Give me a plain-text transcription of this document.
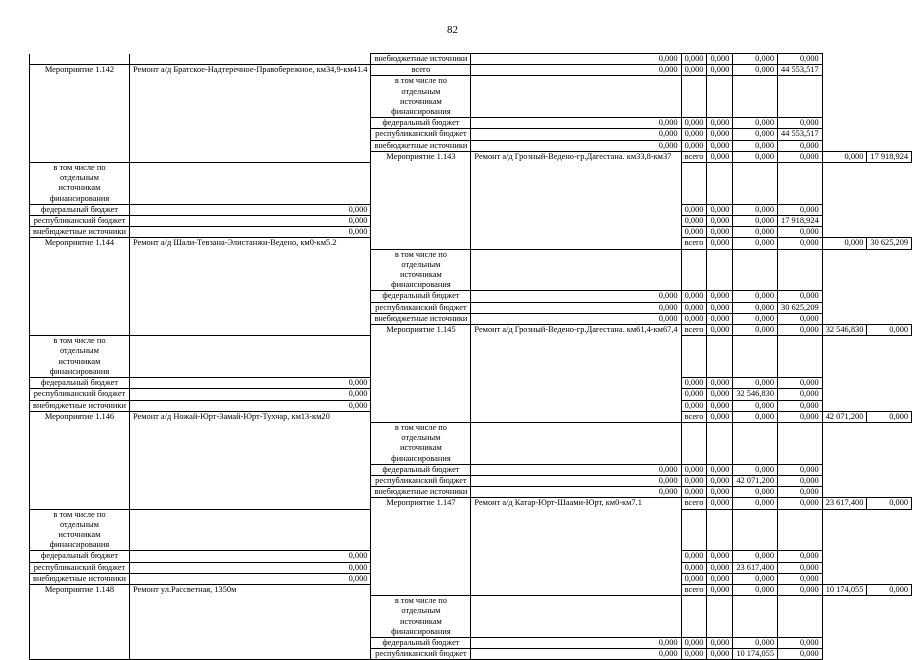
82
		внебюджетные источники	0,000	0,000	0,000	0,000	0,000		
Мероприятие 1.142	Ремонт а/д Братское-Надтеречное-Правобережное, км34,9-км41.4	всего	0,000	0,000	0,000	0,000	44 553,517		

		в том числе по отдельным
источникам финансирования							

		федеральный бюджет	0,000	0,000	0,000	0,000	0,000		
		республиканский бюджет	0,000	0,000	0,000	0,000	44 553,517		
		внебюджетные источники	0,000	0,000	0,000	0,000	0,000		
		Мероприятие 1.143	Ремонт а/д Грозный-Ведено-гр.Дагестана. км33,8-км37	всего	0,000	0,000	0,000	0,000	17 918,924

в том числе по отдельным
источникам финансирования									

федеральный бюджет	0,000			0,000	0,000	0,000	0,000		
республиканский бюджет	0,000			0,000	0,000	0,000	17 918,924		
внебюджетные источники	0,000			0,000	0,000	0,000	0,000		
Мероприятие 1.144	Ремонт а/д Шали-Тевзана-Элистанжи-Ведено, км0-км5.2			всего	0,000	0,000	0,000	0,000	30 625,209

		в том числе по отдельным
источникам финансирования							

		федеральный бюджет	0,000	0,000	0,000	0,000	0,000		
		республиканский бюджет	0,000	0,000	0,000	0,000	30 625,209		
		внебюджетные источники	0,000	0,000	0,000	0,000	0,000		
		Мероприятие 1.145	Ремонт а/д Грозный-Ведено-гр.Дагестана. км61,4-км67,4	всего	0,000	0,000	0,000	32 546,830	0,000

в том числе по отдельным
источникам финансирования									

федеральный бюджет	0,000			0,000	0,000	0,000	0,000		
республиканский бюджет	0,000			0,000	0,000	32 546,830	0,000		
внебюджетные источники	0,000			0,000	0,000	0,000	0,000		
Мероприятие 1.146	Ремонт а/д Ножай-Юрт-Замай-Юрт-Тухчар, км13-км20			всего	0,000	0,000	0,000	42 071,200	0,000

		в том числе по отдельным
источникам финансирования							

		федеральный бюджет	0,000	0,000	0,000	0,000	0,000		
		республиканский бюджет	0,000	0,000	0,000	42 071,200	0,000		
		внебюджетные источники	0,000	0,000	0,000	0,000	0,000		
		Мероприятие 1.147	Ремонт а/д Катар-Юрт-Шаами-Юрт, км0-км7.1	всего	0,000	0,000	0,000	23 617,400	0,000

в том числе по отдельным
источникам финансирования									

федеральный бюджет	0,000			0,000	0,000	0,000	0,000		
республиканский бюджет	0,000			0,000	0,000	23 617,400	0,000		
внебюджетные источники	0,000			0,000	0,000	0,000	0,000		
Мероприятие 1.148	Ремонт ул.Рассветная, 1350м			всего	0,000	0,000	0,000	10 174,055	0,000

		в том числе по отдельным
источникам финансирования							

		федеральный бюджет	0,000	0,000	0,000	0,000	0,000		
		республиканский бюджет	0,000	0,000	0,000	10 174,055	0,000		
